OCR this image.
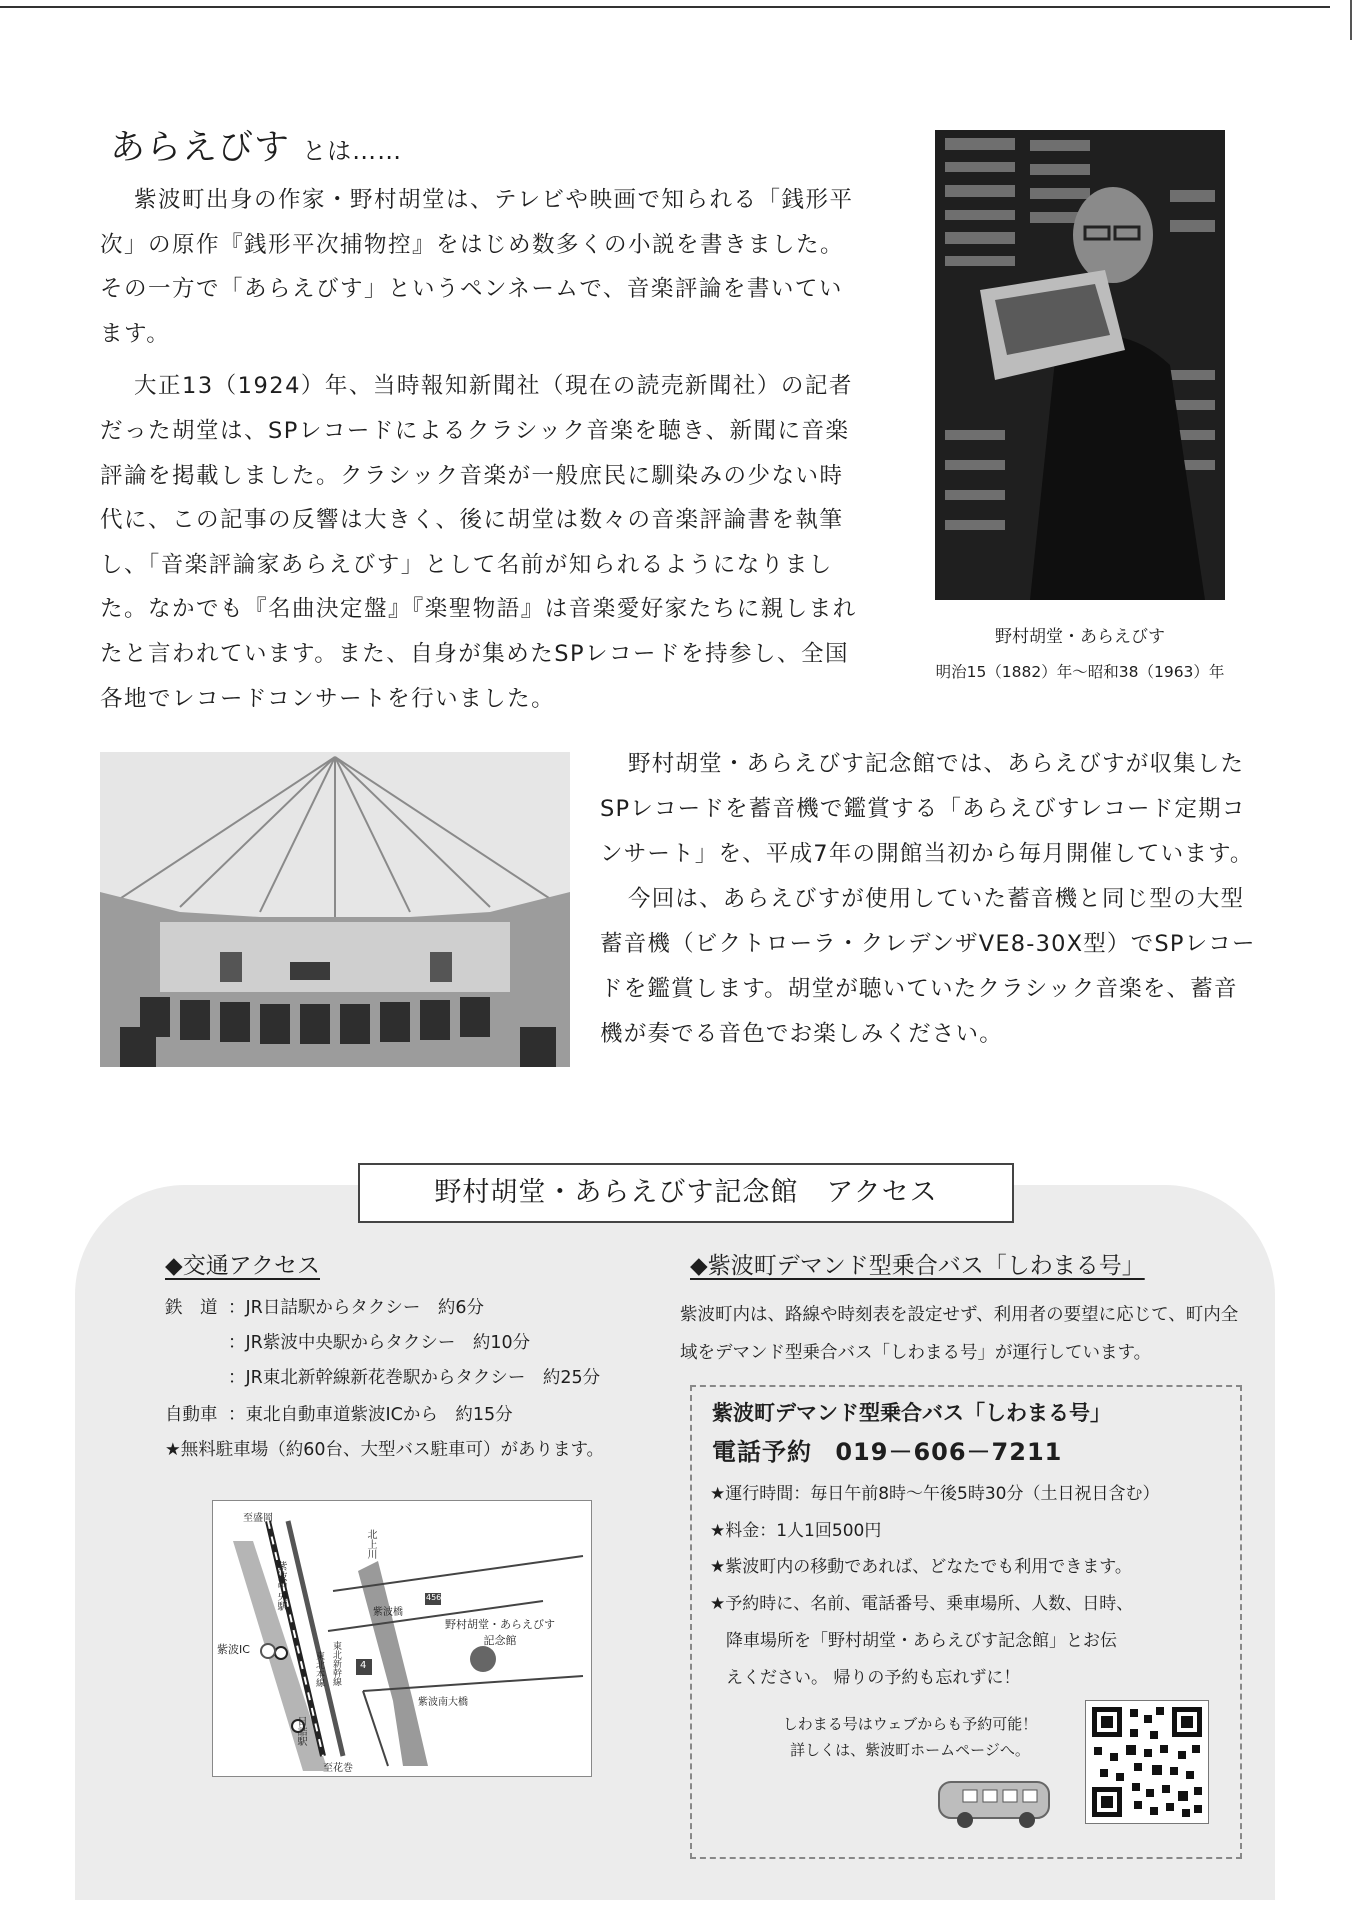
あらえびす とは……

紫波町出身の作家・野村胡堂は、テレビや映画で知られる「銭形平次」の原作『銭形平次捕物控』をはじめ数多くの小説を書きました。その一方で「あらえびす」というペンネームで、音楽評論を書いています。

大正13（1924）年、当時報知新聞社（現在の読売新聞社）の記者だった胡堂は、SPレコードによるクラシック音楽を聴き、新聞に音楽評論を掲載しました。クラシック音楽が一般庶民に馴染みの少ない時代に、この記事の反響は大きく、後に胡堂は数々の音楽評論書を執筆し、「音楽評論家あらえびす」として名前が知られるようになりました。なかでも『名曲決定盤』『楽聖物語』は音楽愛好家たちに親しまれたと言われています。また、自身が集めたSPレコードを持参し、全国各地でレコードコンサートを行いました。

野村胡堂・あらえびす
明治15（1882）年～昭和38（1963）年

野村胡堂・あらえびす記念館では、あらえびすが収集したSPレコードを蓄音機で鑑賞する「あらえびすレコード定期コンサート」を、平成7年の開館当初から毎月開催しています。

今回は、あらえびすが使用していた蓄音機と同じ型の大型蓄音機（ビクトローラ・クレデンザVE8-30X型）でSPレコードを鑑賞します。胡堂が聴いていたクラシック音楽を、蓄音機が奏でる音色でお楽しみください。

野村胡堂・あらえびす記念館　アクセス
◆交通アクセス
鉄　道 ：JR日詰駅からタクシー　約6分
：JR紫波中央駅からタクシー　約10分
：JR東北新幹線新花巻駅からタクシー　約25分
自動車 ：東北自動車道紫波ICから　約15分
★無料駐車場（約60台、大型バス駐車可）があります。
至盛岡
至花巻
紫波IC
紫波橋
紫波南大橋
北上川
紫波中央駅
日詰駅
東北本線 東北新幹線 4
456
野村胡堂・あらえびす記念館
◆紫波町デマンド型乗合バス「しわまる号」
紫波町内は、路線や時刻表を設定せず、利用者の要望に応じて、町内全域をデマンド型乗合バス「しわまる号」が運行しています。
紫波町デマンド型乗合バス「しわまる号」
電話予約 019－606－7211
★運行時間：毎日午前8時～午後5時30分（土日祝日含む）
★料金：1人1回500円
★紫波町内の移動であれば、どなたでも利用できます。
★予約時に、名前、電話番号、乗車場所、人数、日時、
降車場所を「野村胡堂・あらえびす記念館」とお伝
えください。 帰りの予約も忘れずに！
しわまる号はウェブからも予約可能！
詳しくは、紫波町ホームページへ。
